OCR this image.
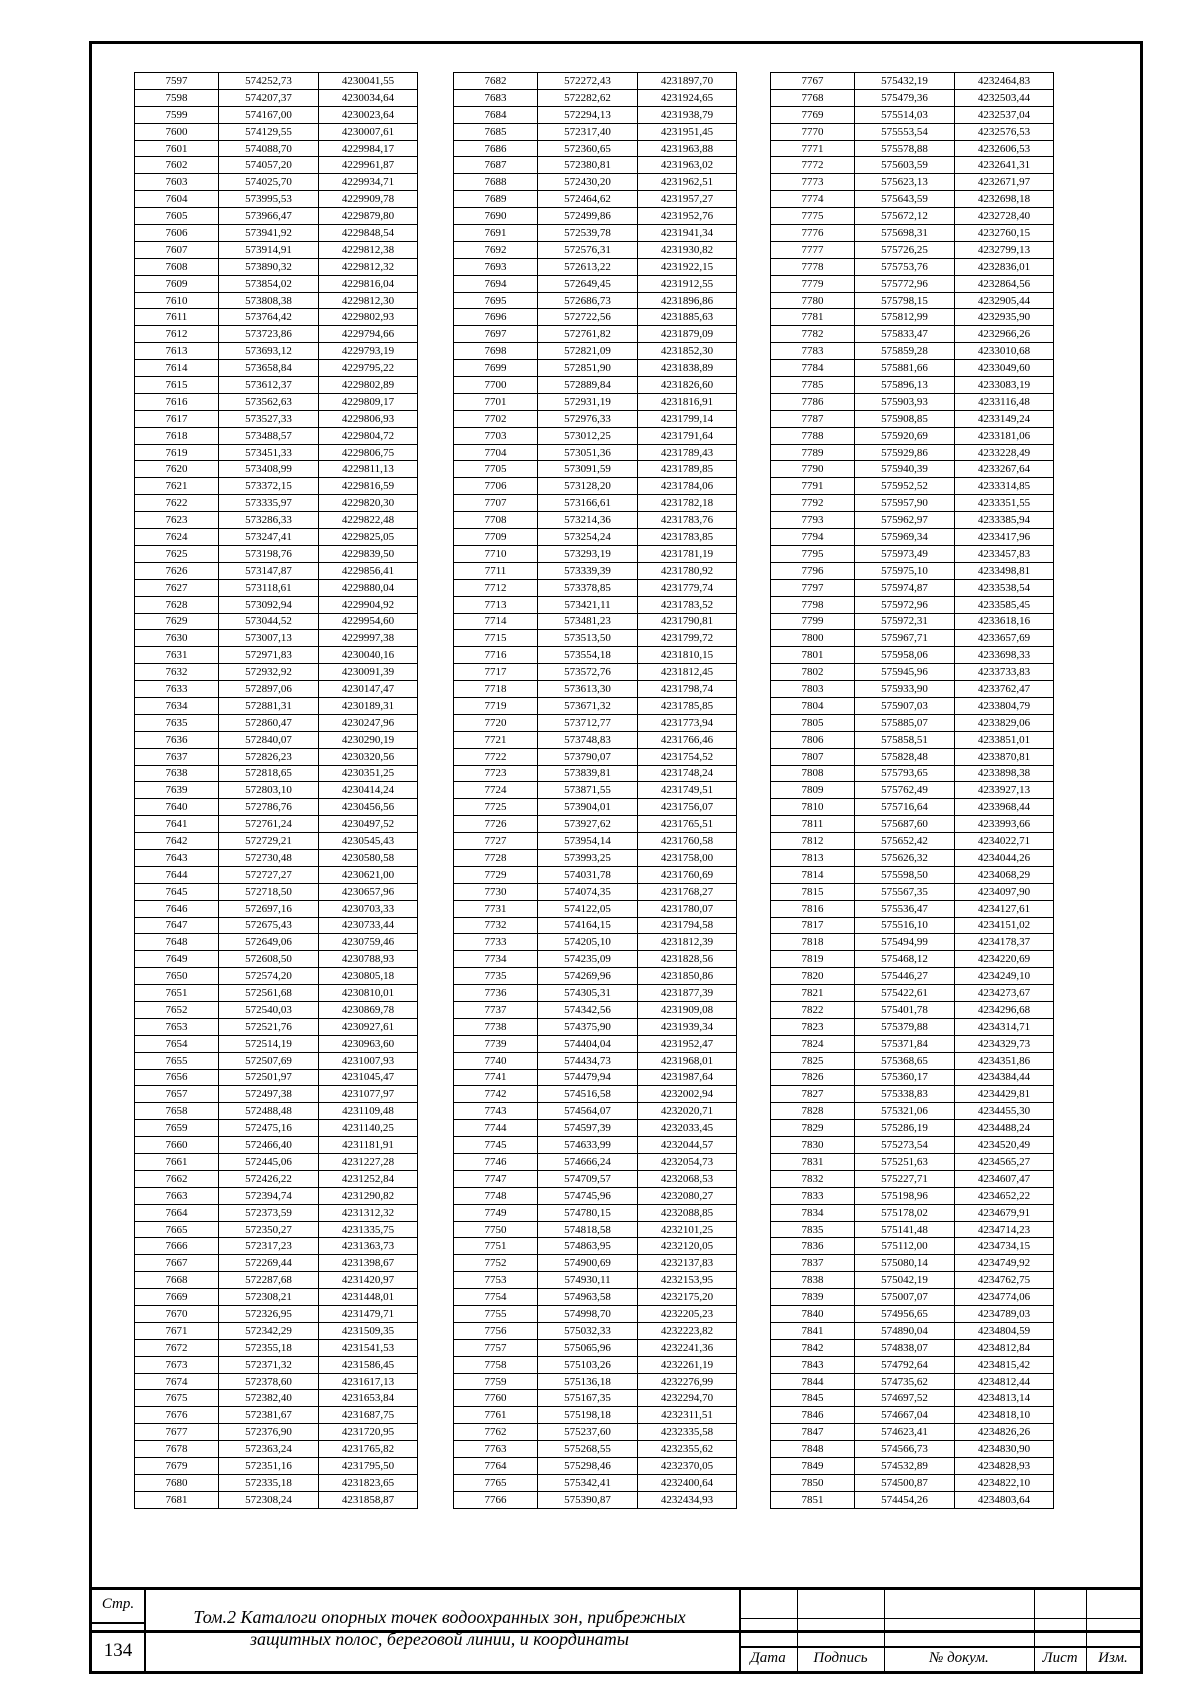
7597	574252,73	4230041,55
7598	574207,37	4230034,64
7599	574167,00	4230023,64
7600	574129,55	4230007,61
7601	574088,70	4229984,17
7602	574057,20	4229961,87
7603	574025,70	4229934,71
7604	573995,53	4229909,78
7605	573966,47	4229879,80
7606	573941,92	4229848,54
7607	573914,91	4229812,38
7608	573890,32	4229812,32
7609	573854,02	4229816,04
7610	573808,38	4229812,30
7611	573764,42	4229802,93
7612	573723,86	4229794,66
7613	573693,12	4229793,19
7614	573658,84	4229795,22
7615	573612,37	4229802,89
7616	573562,63	4229809,17
7617	573527,33	4229806,93
7618	573488,57	4229804,72
7619	573451,33	4229806,75
7620	573408,99	4229811,13
7621	573372,15	4229816,59
7622	573335,97	4229820,30
7623	573286,33	4229822,48
7624	573247,41	4229825,05
7625	573198,76	4229839,50
7626	573147,87	4229856,41
7627	573118,61	4229880,04
7628	573092,94	4229904,92
7629	573044,52	4229954,60
7630	573007,13	4229997,38
7631	572971,83	4230040,16
7632	572932,92	4230091,39
7633	572897,06	4230147,47
7634	572881,31	4230189,31
7635	572860,47	4230247,96
7636	572840,07	4230290,19
7637	572826,23	4230320,56
7638	572818,65	4230351,25
7639	572803,10	4230414,24
7640	572786,76	4230456,56
7641	572761,24	4230497,52
7642	572729,21	4230545,43
7643	572730,48	4230580,58
7644	572727,27	4230621,00
7645	572718,50	4230657,96
7646	572697,16	4230703,33
7647	572675,43	4230733,44
7648	572649,06	4230759,46
7649	572608,50	4230788,93
7650	572574,20	4230805,18
7651	572561,68	4230810,01
7652	572540,03	4230869,78
7653	572521,76	4230927,61
7654	572514,19	4230963,60
7655	572507,69	4231007,93
7656	572501,97	4231045,47
7657	572497,38	4231077,97
7658	572488,48	4231109,48
7659	572475,16	4231140,25
7660	572466,40	4231181,91
7661	572445,06	4231227,28
7662	572426,22	4231252,84
7663	572394,74	4231290,82
7664	572373,59	4231312,32
7665	572350,27	4231335,75
7666	572317,23	4231363,73
7667	572269,44	4231398,67
7668	572287,68	4231420,97
7669	572308,21	4231448,01
7670	572326,95	4231479,71
7671	572342,29	4231509,35
7672	572355,18	4231541,53
7673	572371,32	4231586,45
7674	572378,60	4231617,13
7675	572382,40	4231653,84
7676	572381,67	4231687,75
7677	572376,90	4231720,95
7678	572363,24	4231765,82
7679	572351,16	4231795,50
7680	572335,18	4231823,65
7681	572308,24	4231858,87
7682	572272,43	4231897,70
7683	572282,62	4231924,65
7684	572294,13	4231938,79
7685	572317,40	4231951,45
7686	572360,65	4231963,88
7687	572380,81	4231963,02
7688	572430,20	4231962,51
7689	572464,62	4231957,27
7690	572499,86	4231952,76
7691	572539,78	4231941,34
7692	572576,31	4231930,82
7693	572613,22	4231922,15
7694	572649,45	4231912,55
7695	572686,73	4231896,86
7696	572722,56	4231885,63
7697	572761,82	4231879,09
7698	572821,09	4231852,30
7699	572851,90	4231838,89
7700	572889,84	4231826,60
7701	572931,19	4231816,91
7702	572976,33	4231799,14
7703	573012,25	4231791,64
7704	573051,36	4231789,43
7705	573091,59	4231789,85
7706	573128,20	4231784,06
7707	573166,61	4231782,18
7708	573214,36	4231783,76
7709	573254,24	4231783,85
7710	573293,19	4231781,19
7711	573339,39	4231780,92
7712	573378,85	4231779,74
7713	573421,11	4231783,52
7714	573481,23	4231790,81
7715	573513,50	4231799,72
7716	573554,18	4231810,15
7717	573572,76	4231812,45
7718	573613,30	4231798,74
7719	573671,32	4231785,85
7720	573712,77	4231773,94
7721	573748,83	4231766,46
7722	573790,07	4231754,52
7723	573839,81	4231748,24
7724	573871,55	4231749,51
7725	573904,01	4231756,07
7726	573927,62	4231765,51
7727	573954,14	4231760,58
7728	573993,25	4231758,00
7729	574031,78	4231760,69
7730	574074,35	4231768,27
7731	574122,05	4231780,07
7732	574164,15	4231794,58
7733	574205,10	4231812,39
7734	574235,09	4231828,56
7735	574269,96	4231850,86
7736	574305,31	4231877,39
7737	574342,56	4231909,08
7738	574375,90	4231939,34
7739	574404,04	4231952,47
7740	574434,73	4231968,01
7741	574479,94	4231987,64
7742	574516,58	4232002,94
7743	574564,07	4232020,71
7744	574597,39	4232033,45
7745	574633,99	4232044,57
7746	574666,24	4232054,73
7747	574709,57	4232068,53
7748	574745,96	4232080,27
7749	574780,15	4232088,85
7750	574818,58	4232101,25
7751	574863,95	4232120,05
7752	574900,69	4232137,83
7753	574930,11	4232153,95
7754	574963,58	4232175,20
7755	574998,70	4232205,23
7756	575032,33	4232223,82
7757	575065,96	4232241,36
7758	575103,26	4232261,19
7759	575136,18	4232276,99
7760	575167,35	4232294,70
7761	575198,18	4232311,51
7762	575237,60	4232335,58
7763	575268,55	4232355,62
7764	575298,46	4232370,05
7765	575342,41	4232400,64
7766	575390,87	4232434,93
7767	575432,19	4232464,83
7768	575479,36	4232503,44
7769	575514,03	4232537,04
7770	575553,54	4232576,53
7771	575578,88	4232606,53
7772	575603,59	4232641,31
7773	575623,13	4232671,97
7774	575643,59	4232698,18
7775	575672,12	4232728,40
7776	575698,31	4232760,15
7777	575726,25	4232799,13
7778	575753,76	4232836,01
7779	575772,96	4232864,56
7780	575798,15	4232905,44
7781	575812,99	4232935,90
7782	575833,47	4232966,26
7783	575859,28	4233010,68
7784	575881,66	4233049,60
7785	575896,13	4233083,19
7786	575903,93	4233116,48
7787	575908,85	4233149,24
7788	575920,69	4233181,06
7789	575929,86	4233228,49
7790	575940,39	4233267,64
7791	575952,52	4233314,85
7792	575957,90	4233351,55
7793	575962,97	4233385,94
7794	575969,34	4233417,96
7795	575973,49	4233457,83
7796	575975,10	4233498,81
7797	575974,87	4233538,54
7798	575972,96	4233585,45
7799	575972,31	4233618,16
7800	575967,71	4233657,69
7801	575958,06	4233698,33
7802	575945,96	4233733,83
7803	575933,90	4233762,47
7804	575907,03	4233804,79
7805	575885,07	4233829,06
7806	575858,51	4233851,01
7807	575828,48	4233870,81
7808	575793,65	4233898,38
7809	575762,49	4233927,13
7810	575716,64	4233968,44
7811	575687,60	4233993,66
7812	575652,42	4234022,71
7813	575626,32	4234044,26
7814	575598,50	4234068,29
7815	575567,35	4234097,90
7816	575536,47	4234127,61
7817	575516,10	4234151,02
7818	575494,99	4234178,37
7819	575468,12	4234220,69
7820	575446,27	4234249,10
7821	575422,61	4234273,67
7822	575401,78	4234296,68
7823	575379,88	4234314,71
7824	575371,84	4234329,73
7825	575368,65	4234351,86
7826	575360,17	4234384,44
7827	575338,83	4234429,81
7828	575321,06	4234455,30
7829	575286,19	4234488,24
7830	575273,54	4234520,49
7831	575251,63	4234565,27
7832	575227,71	4234607,47
7833	575198,96	4234652,22
7834	575178,02	4234679,91
7835	575141,48	4234714,23
7836	575112,00	4234734,15
7837	575080,14	4234749,92
7838	575042,19	4234762,75
7839	575007,07	4234774,06
7840	574956,65	4234789,03
7841	574890,04	4234804,59
7842	574838,07	4234812,84
7843	574792,64	4234815,42
7844	574735,62	4234812,44
7845	574697,52	4234813,14
7846	574667,04	4234818,10
7847	574623,41	4234826,26
7848	574566,73	4234830,90
7849	574532,89	4234828,93
7850	574500,87	4234822,10
7851	574454,26	4234803,64
Стр.
134
Том.2 Каталоги опорных точек водоохранных зон, прибрежных
защитных полос, береговой линии, и координаты
Дата	Подпись	№ докум.	Лист	Изм.
